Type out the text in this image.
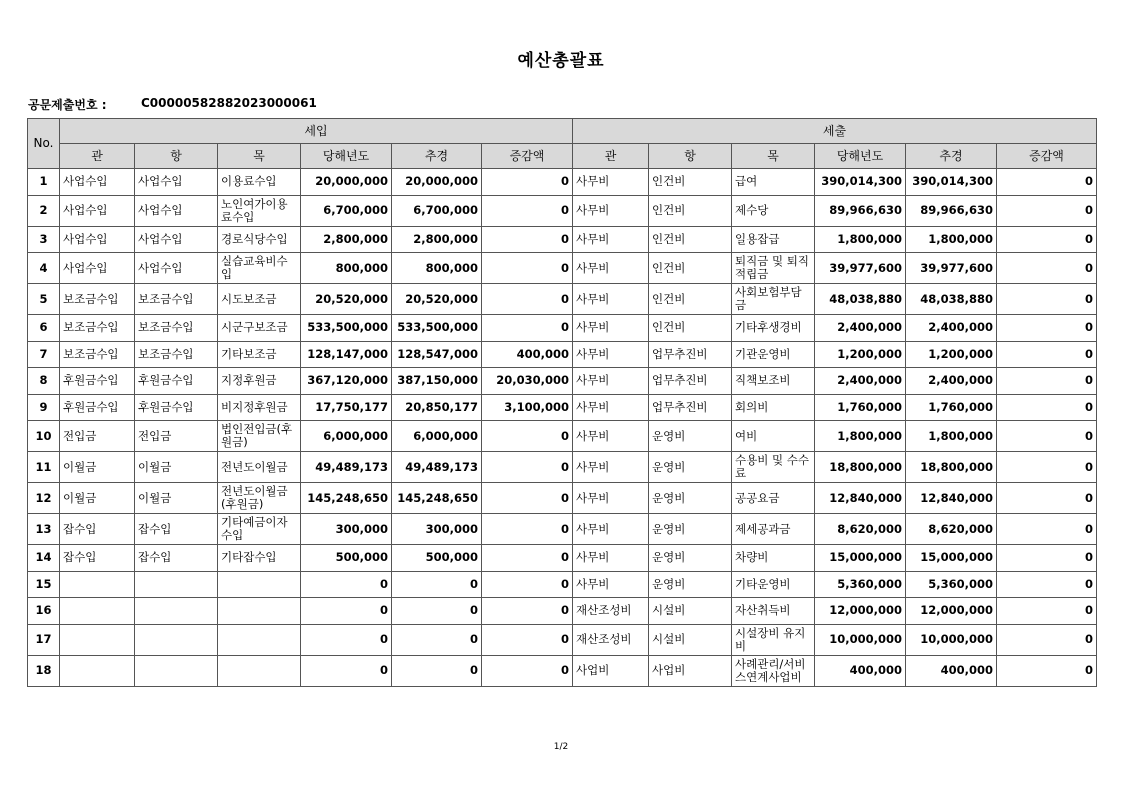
예산총괄표
공문제출번호 :	C00000582882023000061
No.	세입						세출					
	관	항	목	당해년도	추경	증감액	관	항	목	당해년도	추경	증감액
1	사업수입	사업수입	이용료수입	20,000,000	20,000,000	0	사무비	인건비	급여	390,014,300	390,014,300	0
2	사업수입	사업수입	노인여가이용료수입	6,700,000	6,700,000	0	사무비	인건비	제수당	89,966,630	89,966,630	0
3	사업수입	사업수입	경로식당수입	2,800,000	2,800,000	0	사무비	인건비	일용잡급	1,800,000	1,800,000	0
4	사업수입	사업수입	실습교육비수입	800,000	800,000	0	사무비	인건비	퇴직금 및 퇴직적립금	39,977,600	39,977,600	0
5	보조금수입	보조금수입	시도보조금	20,520,000	20,520,000	0	사무비	인건비	사회보험부담금	48,038,880	48,038,880	0
6	보조금수입	보조금수입	시군구보조금	533,500,000	533,500,000	0	사무비	인건비	기타후생경비	2,400,000	2,400,000	0
7	보조금수입	보조금수입	기타보조금	128,147,000	128,547,000	400,000	사무비	업무추진비	기관운영비	1,200,000	1,200,000	0
8	후원금수입	후원금수입	지정후원금	367,120,000	387,150,000	20,030,000	사무비	업무추진비	직책보조비	2,400,000	2,400,000	0
9	후원금수입	후원금수입	비지정후원금	17,750,177	20,850,177	3,100,000	사무비	업무추진비	회의비	1,760,000	1,760,000	0
10	전입금	전입금	법인전입금(후원금)	6,000,000	6,000,000	0	사무비	운영비	여비	1,800,000	1,800,000	0
11	이월금	이월금	전년도이월금	49,489,173	49,489,173	0	사무비	운영비	수용비 및 수수료	18,800,000	18,800,000	0
12	이월금	이월금	전년도이월금(후원금)	145,248,650	145,248,650	0	사무비	운영비	공공요금	12,840,000	12,840,000	0
13	잡수입	잡수입	기타예금이자수입	300,000	300,000	0	사무비	운영비	제세공과금	8,620,000	8,620,000	0
14	잡수입	잡수입	기타잡수입	500,000	500,000	0	사무비	운영비	차량비	15,000,000	15,000,000	0
15				0	0	0	사무비	운영비	기타운영비	5,360,000	5,360,000	0
16				0	0	0	재산조성비	시설비	자산취득비	12,000,000	12,000,000	0
17				0	0	0	재산조성비	시설비	시설장비 유지비	10,000,000	10,000,000	0
18				0	0	0	사업비	사업비	사례관리/서비스연계사업비	400,000	400,000	0
1/2
